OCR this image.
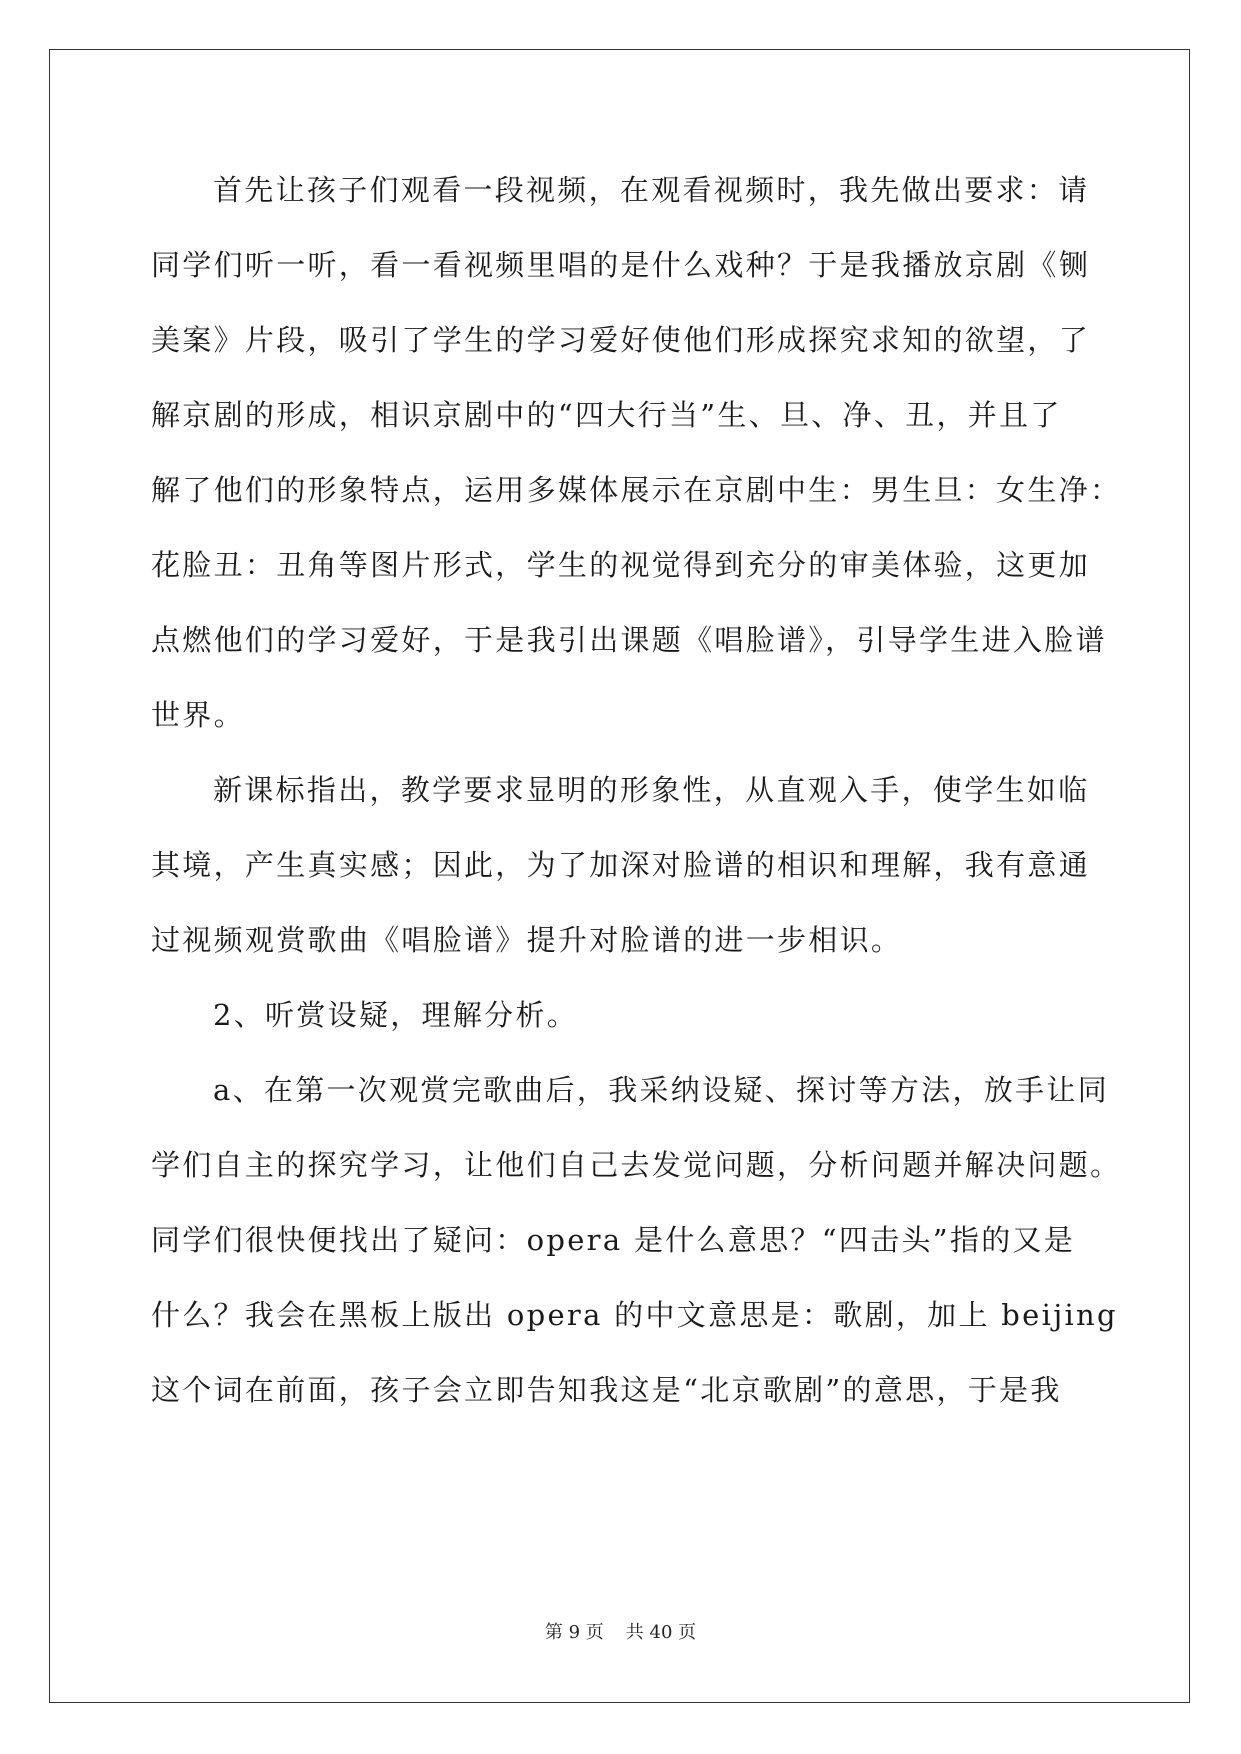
首先让孩子们观看一段视频，在观看视频时，我先做出要求：请
同学们听一听，看一看视频里唱的是什么戏种？于是我播放京剧《铡
美案》片段，吸引了学生的学习爱好使他们形成探究求知的欲望，了
解京剧的形成，相识京剧中的“四大行当”生、旦、净、丑，并且了
解了他们的形象特点，运用多媒体展示在京剧中生：男生旦：女生净：
花脸丑：丑角等图片形式，学生的视觉得到充分的审美体验，这更加
点燃他们的学习爱好，于是我引出课题《唱脸谱》，引导学生进入脸谱
世界。
新课标指出，教学要求显明的形象性，从直观入手，使学生如临
其境，产生真实感；因此，为了加深对脸谱的相识和理解，我有意通
过视频观赏歌曲《唱脸谱》提升对脸谱的进一步相识。
2、听赏设疑，理解分析。
a、在第一次观赏完歌曲后，我采纳设疑、探讨等方法，放手让同
学们自主的探究学习，让他们自己去发觉问题，分析问题并解决问题。
同学们很快便找出了疑问：opera 是什么意思？“四击头”指的又是
什么？我会在黑板上版出 opera 的中文意思是：歌剧，加上 beijing
这个词在前面，孩子会立即告知我这是“北京歌剧”的意思，于是我
第 9 页 共 40 页
